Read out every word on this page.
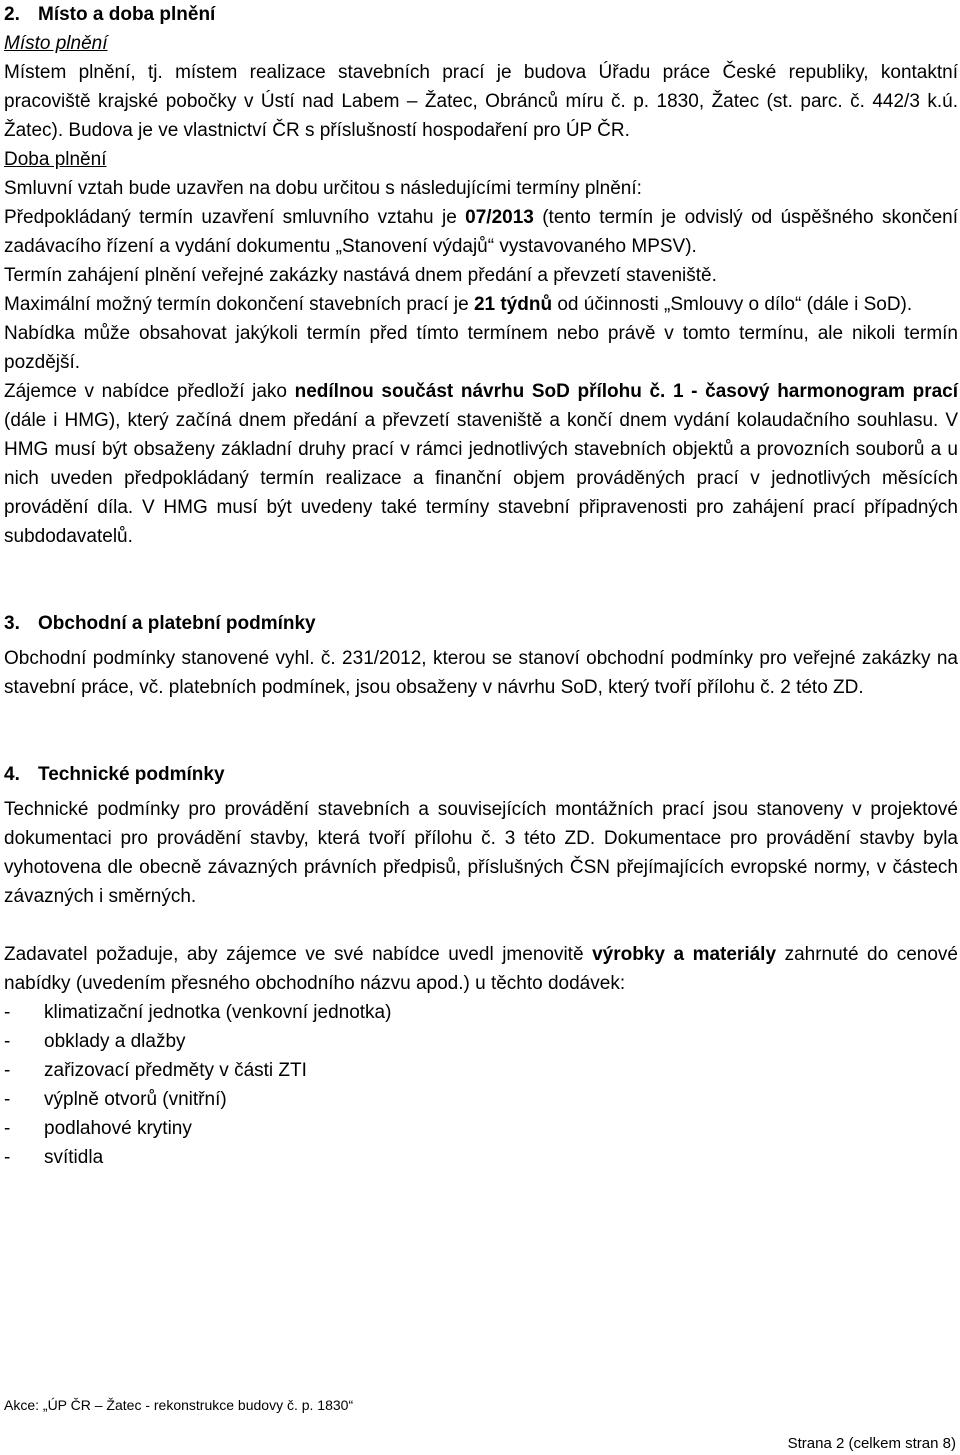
2. Místo a doba plnění

Místo plnění

Místem plnění, tj. místem realizace stavebních prací je budova Úřadu práce České republiky, kontaktní pracoviště krajské pobočky v Ústí nad Labem – Žatec, Obránců míru č. p. 1830, Žatec (st. parc. č. 442/3 k.ú. Žatec). Budova je ve vlastnictví ČR s příslušností hospodaření pro ÚP ČR.

Doba plnění

Smluvní vztah bude uzavřen na dobu určitou s následujícími termíny plnění:

Předpokládaný termín uzavření smluvního vztahu je 07/2013 (tento termín je odvislý od úspěšného skončení zadávacího řízení a vydání dokumentu „Stanovení výdajů“ vystavovaného MPSV).

Termín zahájení plnění veřejné zakázky nastává dnem předání a převzetí staveniště.

Maximální možný termín dokončení stavebních prací je 21 týdnů od účinnosti „Smlouvy o dílo“ (dále i SoD).

Nabídka může obsahovat jakýkoli termín před tímto termínem nebo právě v tomto termínu, ale nikoli termín pozdější.

Zájemce v nabídce předloží jako nedílnou součást návrhu SoD přílohu č. 1 - časový harmonogram prací (dále i HMG), který začíná dnem předání a převzetí staveniště a končí dnem vydání kolaudačního souhlasu. V HMG musí být obsaženy základní druhy prací v rámci jednotlivých stavebních objektů a provozních souborů a u nich uveden předpokládaný termín realizace a finanční objem prováděných prací v jednotlivých měsících provádění díla. V HMG musí být uvedeny také termíny stavební připravenosti pro zahájení prací případných subdodavatelů.

3. Obchodní a platební podmínky

Obchodní podmínky stanovené vyhl. č. 231/2012, kterou se stanoví obchodní podmínky pro veřejné zakázky na stavební práce, vč. platebních podmínek, jsou obsaženy v návrhu SoD, který tvoří přílohu č. 2 této ZD.

4. Technické podmínky

Technické podmínky pro provádění stavebních a souvisejících montážních prací jsou stanoveny v projektové dokumentaci pro provádění stavby, která tvoří přílohu č. 3 této ZD. Dokumentace pro provádění stavby byla vyhotovena dle obecně závazných právních předpisů, příslušných ČSN přejímajících evropské normy, v částech závazných i směrných.

Zadavatel požaduje, aby zájemce ve své nabídce uvedl jmenovitě výrobky a materiály zahrnuté do cenové nabídky (uvedením přesného obchodního názvu apod.) u těchto dodávek:

- klimatizační jednotka (venkovní jednotka)
- obklady a dlažby
- zařizovací předměty v části ZTI
- výplně otvorů (vnitřní)
- podlahové krytiny
- svítidla
Akce: „ÚP ČR – Žatec - rekonstrukce budovy č. p. 1830“
Strana 2 (celkem stran 8)
